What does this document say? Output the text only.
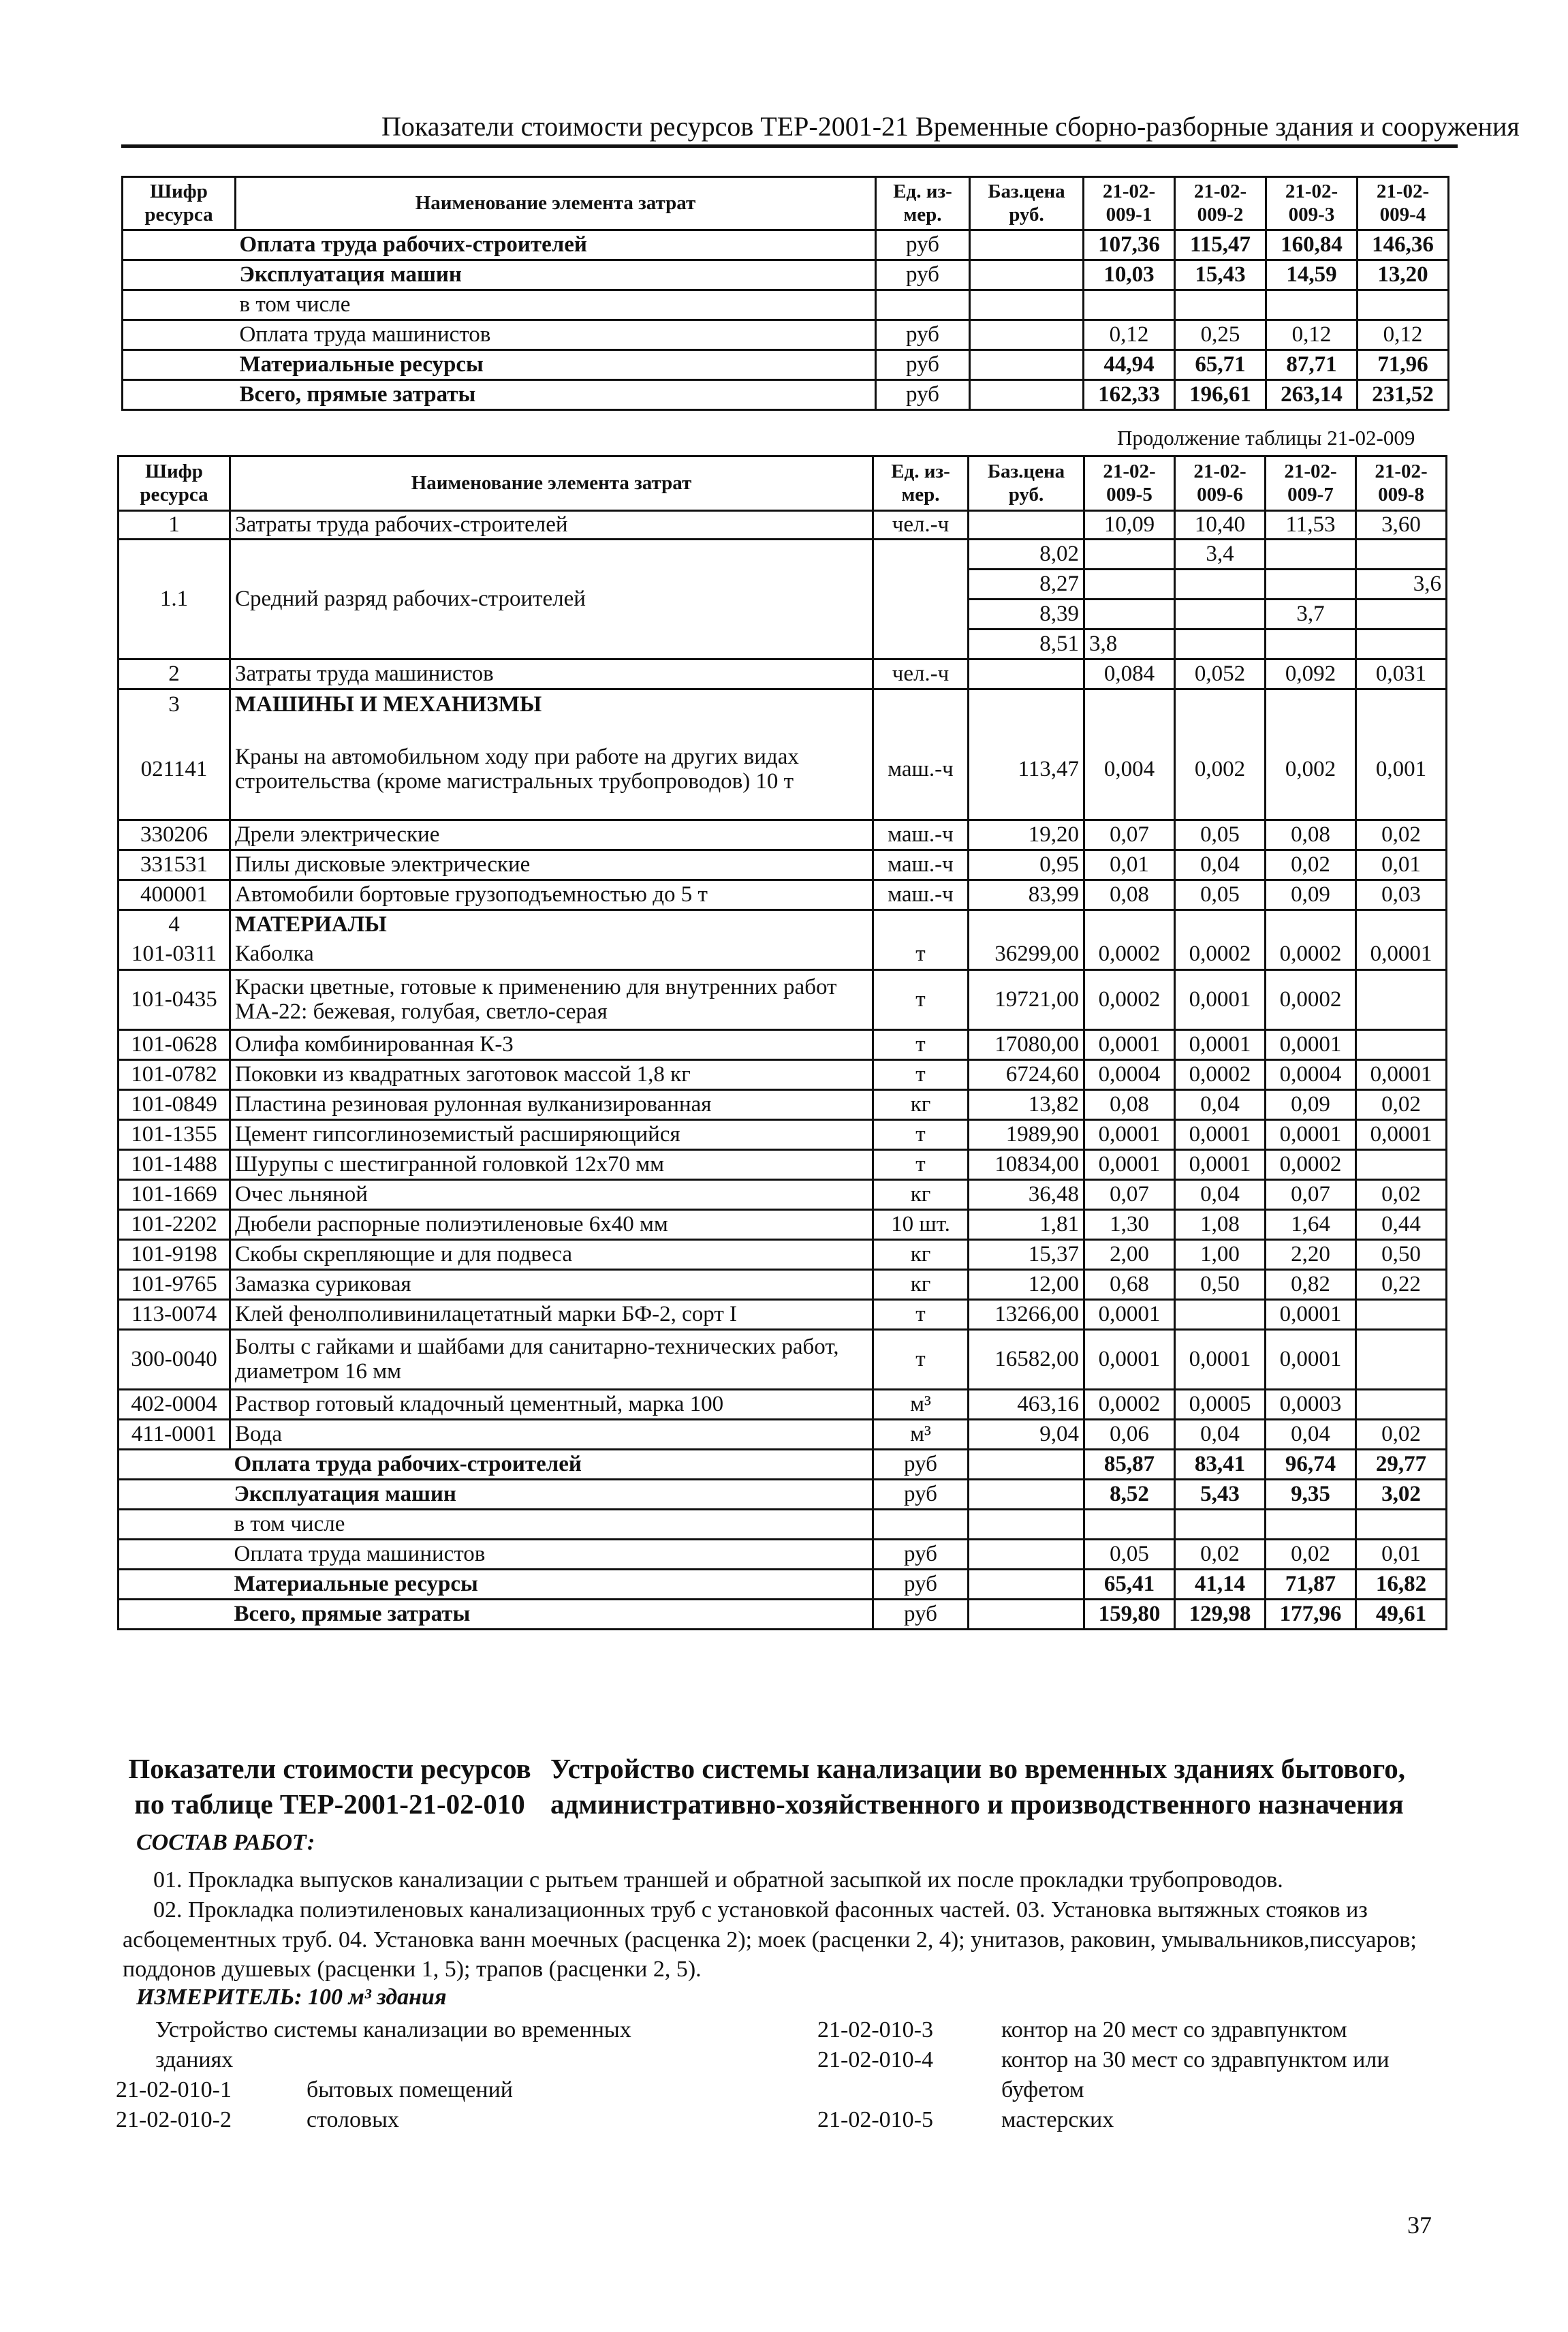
Показатели стоимости ресурсов ТЕР-2001-21 Временные сборно-разборные здания и сооружения
Шифр ресурса	Наименование элемента затрат	Ед. из-мер.	Баз.цена руб.	21-02-009-1	21-02-009-2	21-02-009-3	21-02-009-4
	Оплата труда рабочих-строителей	руб		107,36	115,47	160,84	146,36
	Эксплуатация машин	руб		10,03	15,43	14,59	13,20
	в том числе						
	Оплата труда машинистов	руб		0,12	0,25	0,12	0,12
	Материальные ресурсы	руб		44,94	65,71	87,71	71,96
	Всего, прямые затраты	руб		162,33	196,61	263,14	231,52
Продолжение таблицы 21-02-009
Шифр ресурса	Наименование элемента затрат	Ед. из-мер.	Баз.цена руб.	21-02-009-5	21-02-009-6	21-02-009-7	21-02-009-8
1	Затраты труда рабочих-строителей	чел.-ч		10,09	10,40	11,53	3,60
1.1	Средний разряд рабочих-строителей		8,02		3,4		
			8,27				3,6
			8,39			3,7	
			8,51	3,8			
2	Затраты труда машинистов	чел.-ч		0,084	0,052	0,092	0,031
3	МАШИНЫ И МЕХАНИЗМЫ						
021141	Краны на автомобильном ходу при работе на других видах строительства (кроме магистральных трубопроводов) 10 т	маш.-ч	113,47	0,004	0,002	0,002	0,001
330206	Дрели электрические	маш.-ч	19,20	0,07	0,05	0,08	0,02
331531	Пилы дисковые электрические	маш.-ч	0,95	0,01	0,04	0,02	0,01
400001	Автомобили бортовые грузоподъемностью до 5 т	маш.-ч	83,99	0,08	0,05	0,09	0,03
4	МАТЕРИАЛЫ						
101-0311	Каболка	т	36299,00	0,0002	0,0002	0,0002	0,0001
101-0435	Краски цветные, готовые к применению для внутренних работ МА-22: бежевая, голубая, светло-серая	т	19721,00	0,0002	0,0001	0,0002	
101-0628	Олифа комбинированная К-3	т	17080,00	0,0001	0,0001	0,0001	
101-0782	Поковки из квадратных заготовок массой 1,8 кг	т	6724,60	0,0004	0,0002	0,0004	0,0001
101-0849	Пластина резиновая рулонная вулканизированная	кг	13,82	0,08	0,04	0,09	0,02
101-1355	Цемент гипсоглиноземистый расширяющийся	т	1989,90	0,0001	0,0001	0,0001	0,0001
101-1488	Шурупы с шестигранной головкой 12х70 мм	т	10834,00	0,0001	0,0001	0,0002	
101-1669	Очес льняной	кг	36,48	0,07	0,04	0,07	0,02
101-2202	Дюбели распорные полиэтиленовые 6х40 мм	10 шт.	1,81	1,30	1,08	1,64	0,44
101-9198	Скобы скрепляющие и для подвеса	кг	15,37	2,00	1,00	2,20	0,50
101-9765	Замазка суриковая	кг	12,00	0,68	0,50	0,82	0,22
113-0074	Клей фенолполивинилацетатный марки БФ-2, сорт I	т	13266,00	0,0001		0,0001	
300-0040	Болты с гайками и шайбами для санитарно-технических работ, диаметром 16 мм	т	16582,00	0,0001	0,0001	0,0001	
402-0004	Раствор готовый кладочный цементный, марка 100	м³	463,16	0,0002	0,0005	0,0003	
411-0001	Вода	м³	9,04	0,06	0,04	0,04	0,02
	Оплата труда рабочих-строителей	руб		85,87	83,41	96,74	29,77
	Эксплуатация машин	руб		8,52	5,43	9,35	3,02
	в том числе						
	Оплата труда машинистов	руб		0,05	0,02	0,02	0,01
	Материальные ресурсы	руб		65,41	41,14	71,87	16,82
	Всего, прямые затраты	руб		159,80	129,98	177,96	49,61
Показатели стоимости ресурсов по таблице ТЕР-2001-21-02-010
Устройство системы канализации во временных зданиях бытового, административно-хозяйственного и производственного назначения
СОСТАВ РАБОТ:
01. Прокладка выпусков канализации с рытьем траншей и обратной засыпкой их после прокладки трубопроводов.
02. Прокладка полиэтиленовых канализационных труб с установкой фасонных частей. 03. Установка вытяжных стояков из асбоцементных труб. 04. Установка ванн моечных (расценка 2); моек (расценки 2, 4); унитазов, раковин, умывальников,писсуаров; поддонов душевых (расценки 1, 5); трапов (расценки 2, 5).
ИЗМЕРИТЕЛЬ: 100 м³ здания
Устройство системы канализации во временных
зданиях
21-02-010-1	бытовых помещений
21-02-010-2	столовых
21-02-010-3	контор на 20 мест со здравпунктом
21-02-010-4	контор на 30 мест со здравпунктом или
буфетом
21-02-010-5	мастерских
37
